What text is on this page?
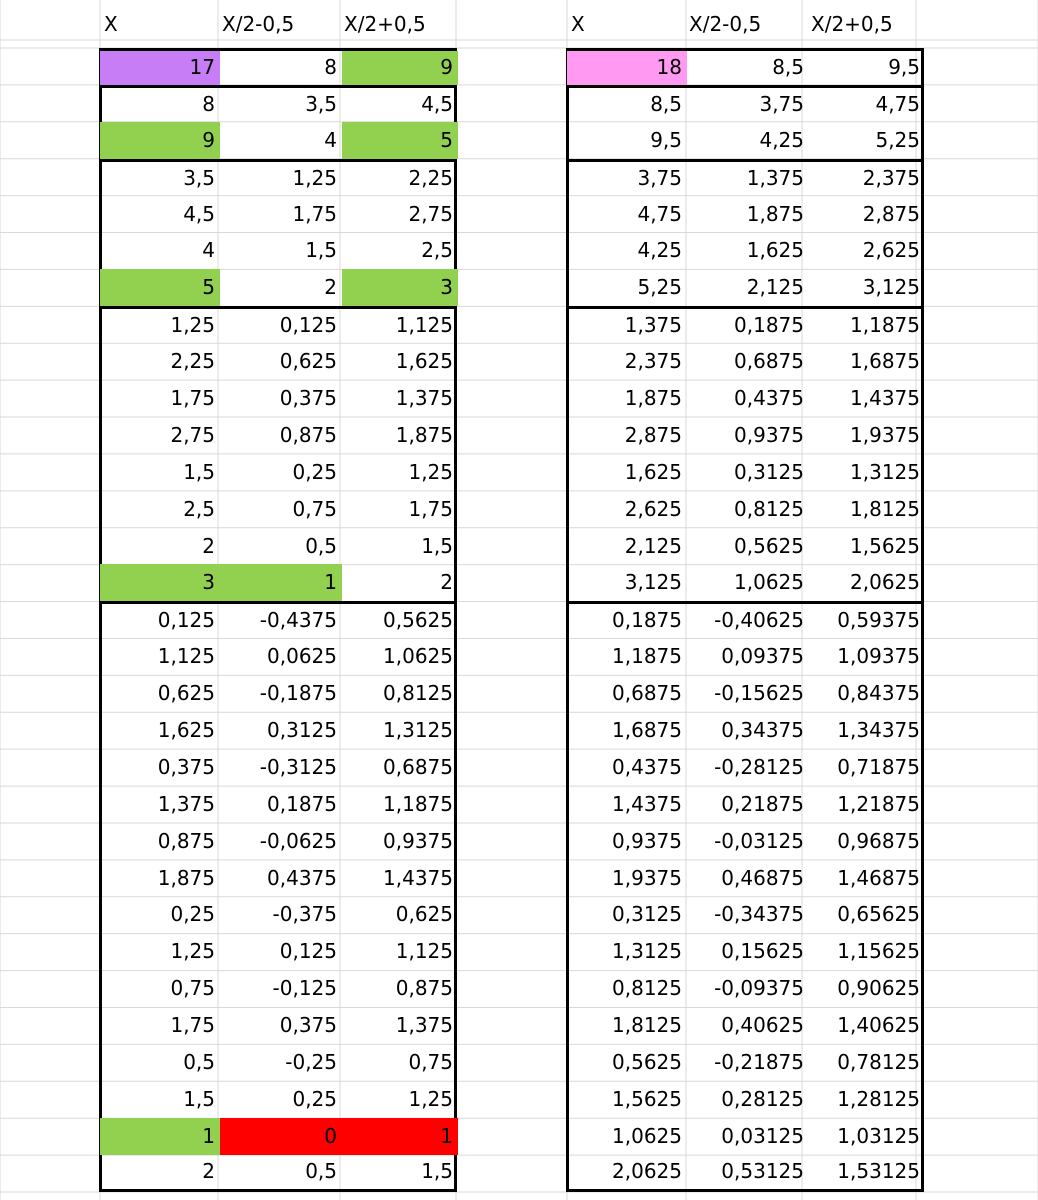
X	X/2-0,5	X/2+0,5
17	8	9
8	3,5	4,5
9	4	5
3,5	1,25	2,25
4,5	1,75	2,75
4	1,5	2,5
5	2	3
1,25	0,125	1,125
2,25	0,625	1,625
1,75	0,375	1,375
2,75	0,875	1,875
1,5	0,25	1,25
2,5	0,75	1,75
2	0,5	1,5
3	1	2
0,125	-0,4375	0,5625
1,125	0,0625	1,0625
0,625	-0,1875	0,8125
1,625	0,3125	1,3125
0,375	-0,3125	0,6875
1,375	0,1875	1,1875
0,875	-0,0625	0,9375
1,875	0,4375	1,4375
0,25	-0,375	0,625
1,25	0,125	1,125
0,75	-0,125	0,875
1,75	0,375	1,375
0,5	-0,25	0,75
1,5	0,25	1,25
1	0	1
2	0,5	1,5
X	X/2-0,5	X/2+0,5
18	8,5	9,5
8,5	3,75	4,75
9,5	4,25	5,25
3,75	1,375	2,375
4,75	1,875	2,875
4,25	1,625	2,625
5,25	2,125	3,125
1,375	0,1875	1,1875
2,375	0,6875	1,6875
1,875	0,4375	1,4375
2,875	0,9375	1,9375
1,625	0,3125	1,3125
2,625	0,8125	1,8125
2,125	0,5625	1,5625
3,125	1,0625	2,0625
0,1875	-0,40625	0,59375
1,1875	0,09375	1,09375
0,6875	-0,15625	0,84375
1,6875	0,34375	1,34375
0,4375	-0,28125	0,71875
1,4375	0,21875	1,21875
0,9375	-0,03125	0,96875
1,9375	0,46875	1,46875
0,3125	-0,34375	0,65625
1,3125	0,15625	1,15625
0,8125	-0,09375	0,90625
1,8125	0,40625	1,40625
0,5625	-0,21875	0,78125
1,5625	0,28125	1,28125
1,0625	0,03125	1,03125
2,0625	0,53125	1,53125
